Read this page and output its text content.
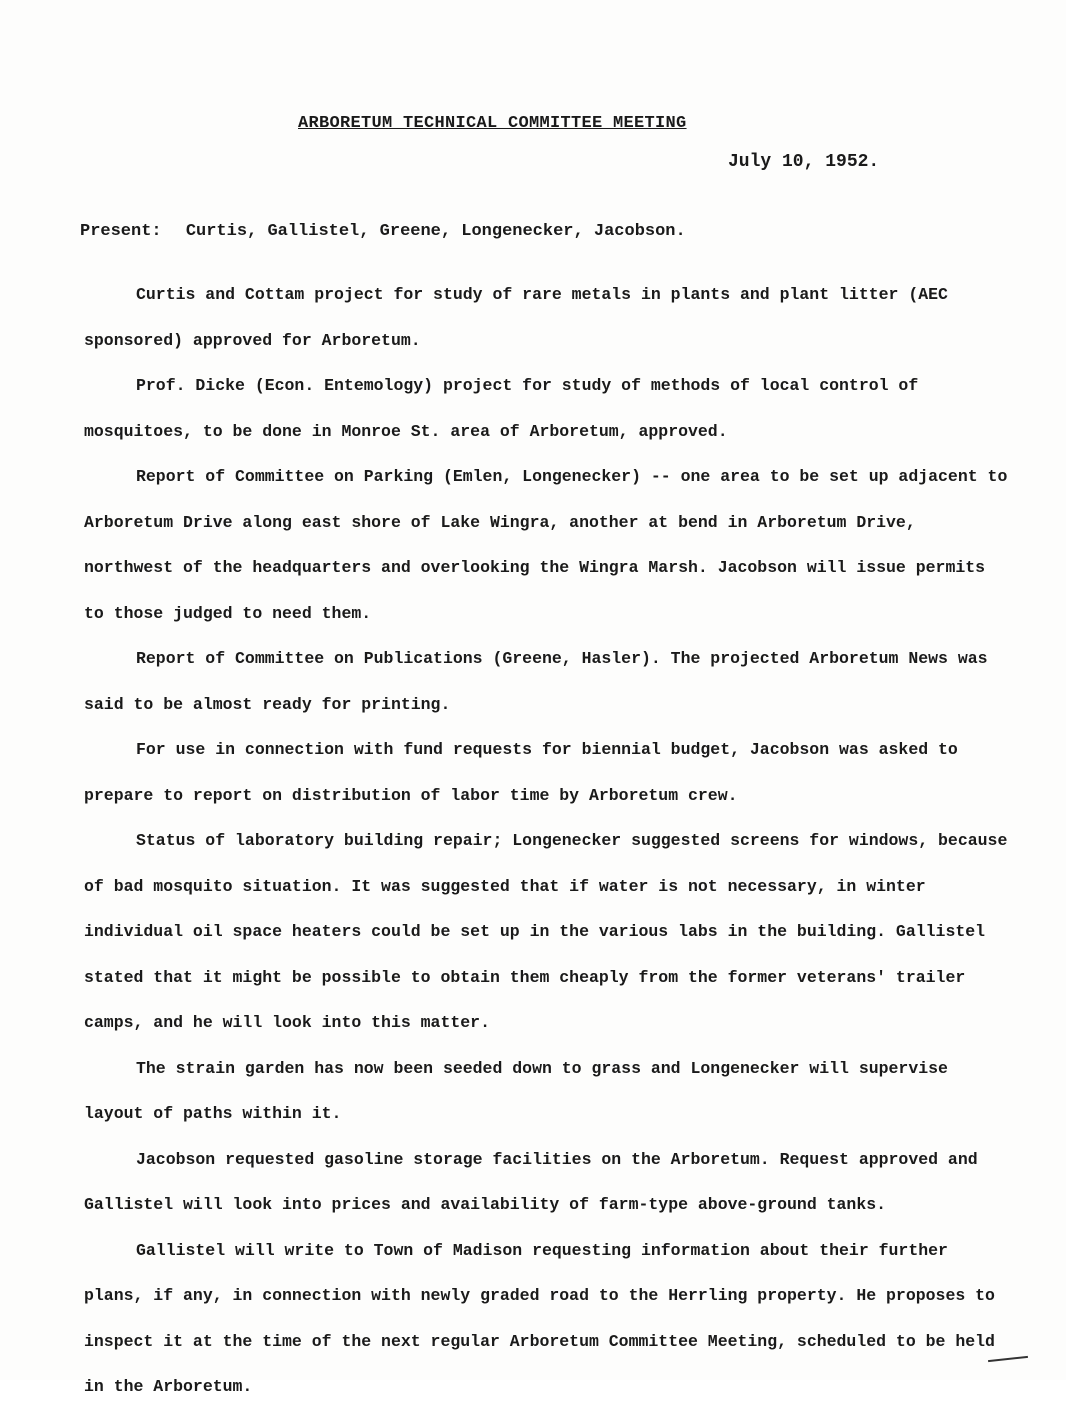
ARBORETUM TECHNICAL COMMITTEE MEETING
July 10, 1952.
Present: Curtis, Gallistel, Greene, Longenecker, Jacobson.

Curtis and Cottam project for study of rare metals in plants and plant litter (AEC sponsored) approved for Arboretum.

Prof. Dicke (Econ. Entemology) project for study of methods of local control of mosquitoes, to be done in Monroe St. area of Arboretum, approved.

Report of Committee on Parking (Emlen, Longenecker) -- one area to be set up adjacent to Arboretum Drive along east shore of Lake Wingra, another at bend in Arboretum Drive, northwest of the headquarters and overlooking the Wingra Marsh. Jacobson will issue permits to those judged to need them.

Report of Committee on Publications (Greene, Hasler). The projected Arboretum News was said to be almost ready for printing.

For use in connection with fund requests for biennial budget, Jacobson was asked to prepare to report on distribution of labor time by Arboretum crew.

Status of laboratory building repair; Longenecker suggested screens for windows, because of bad mosquito situation. It was suggested that if water is not necessary, in winter individual oil space heaters could be set up in the various labs in the building. Gallistel stated that it might be possible to obtain them cheaply from the former veterans' trailer camps, and he will look into this matter.

The strain garden has now been seeded down to grass and Longenecker will supervise layout of paths within it.

Jacobson requested gasoline storage facilities on the Arboretum. Request approved and Gallistel will look into prices and availability of farm-type above-ground tanks.

Gallistel will write to Town of Madison requesting information about their further plans, if any, in connection with newly graded road to the Herrling property. He proposes to inspect it at the time of the next regular Arboretum Committee Meeting, scheduled to be held in the Arboretum.
